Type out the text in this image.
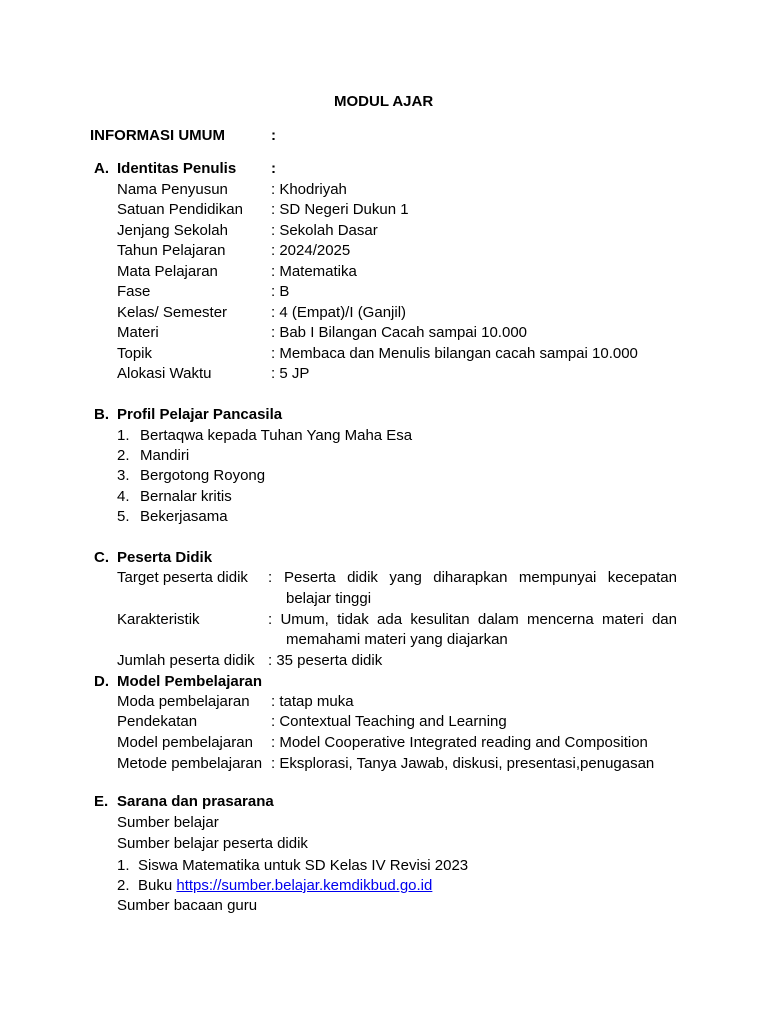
MODUL AJAR
INFORMASI UMUM	:
A. Identitas Penulis :
Nama Penyusun	: Khodriyah
Satuan Pendidikan : SD Negeri Dukun 1
Jenjang Sekolah	: Sekolah Dasar
Tahun Pelajaran	: 2024/2025
Mata Pelajaran	: Matematika
Fase	: B
Kelas/ Semester	: 4 (Empat)/I (Ganjil)
Materi	: Bab I Bilangan Cacah sampai 10.000
Topik	: Membaca dan Menulis bilangan cacah sampai 10.000
Alokasi Waktu	: 5 JP
B. Profil Pelajar Pancasila
1. Bertaqwa kepada Tuhan Yang Maha Esa
2. Mandiri
3. Bergotong Royong
4. Bernalar kritis
5. Bekerjasama
C. Peserta Didik
Target peserta didik : Peserta didik yang diharapkan mempunyai kecepatan
belajar tinggi
Karakteristik	: Umum, tidak ada kesulitan dalam mencerna materi dan
memahami materi yang diajarkan
Jumlah peserta didik : 35 peserta didik
D. Model Pembelajaran
Moda pembelajaran : tatap muka
Pendekatan	: Contextual Teaching and Learning
Model pembelajaran : Model Cooperative Integrated reading and Composition
Metode pembelajaran : Eksplorasi, Tanya Jawab, diskusi, presentasi,penugasan
E. Sarana dan prasarana
Sumber belajar
Sumber belajar peserta didik
1. Siswa Matematika untuk SD Kelas IV Revisi 2023
2. Buku https://sumber.belajar.kemdikbud.go.id
Sumber bacaan guru
